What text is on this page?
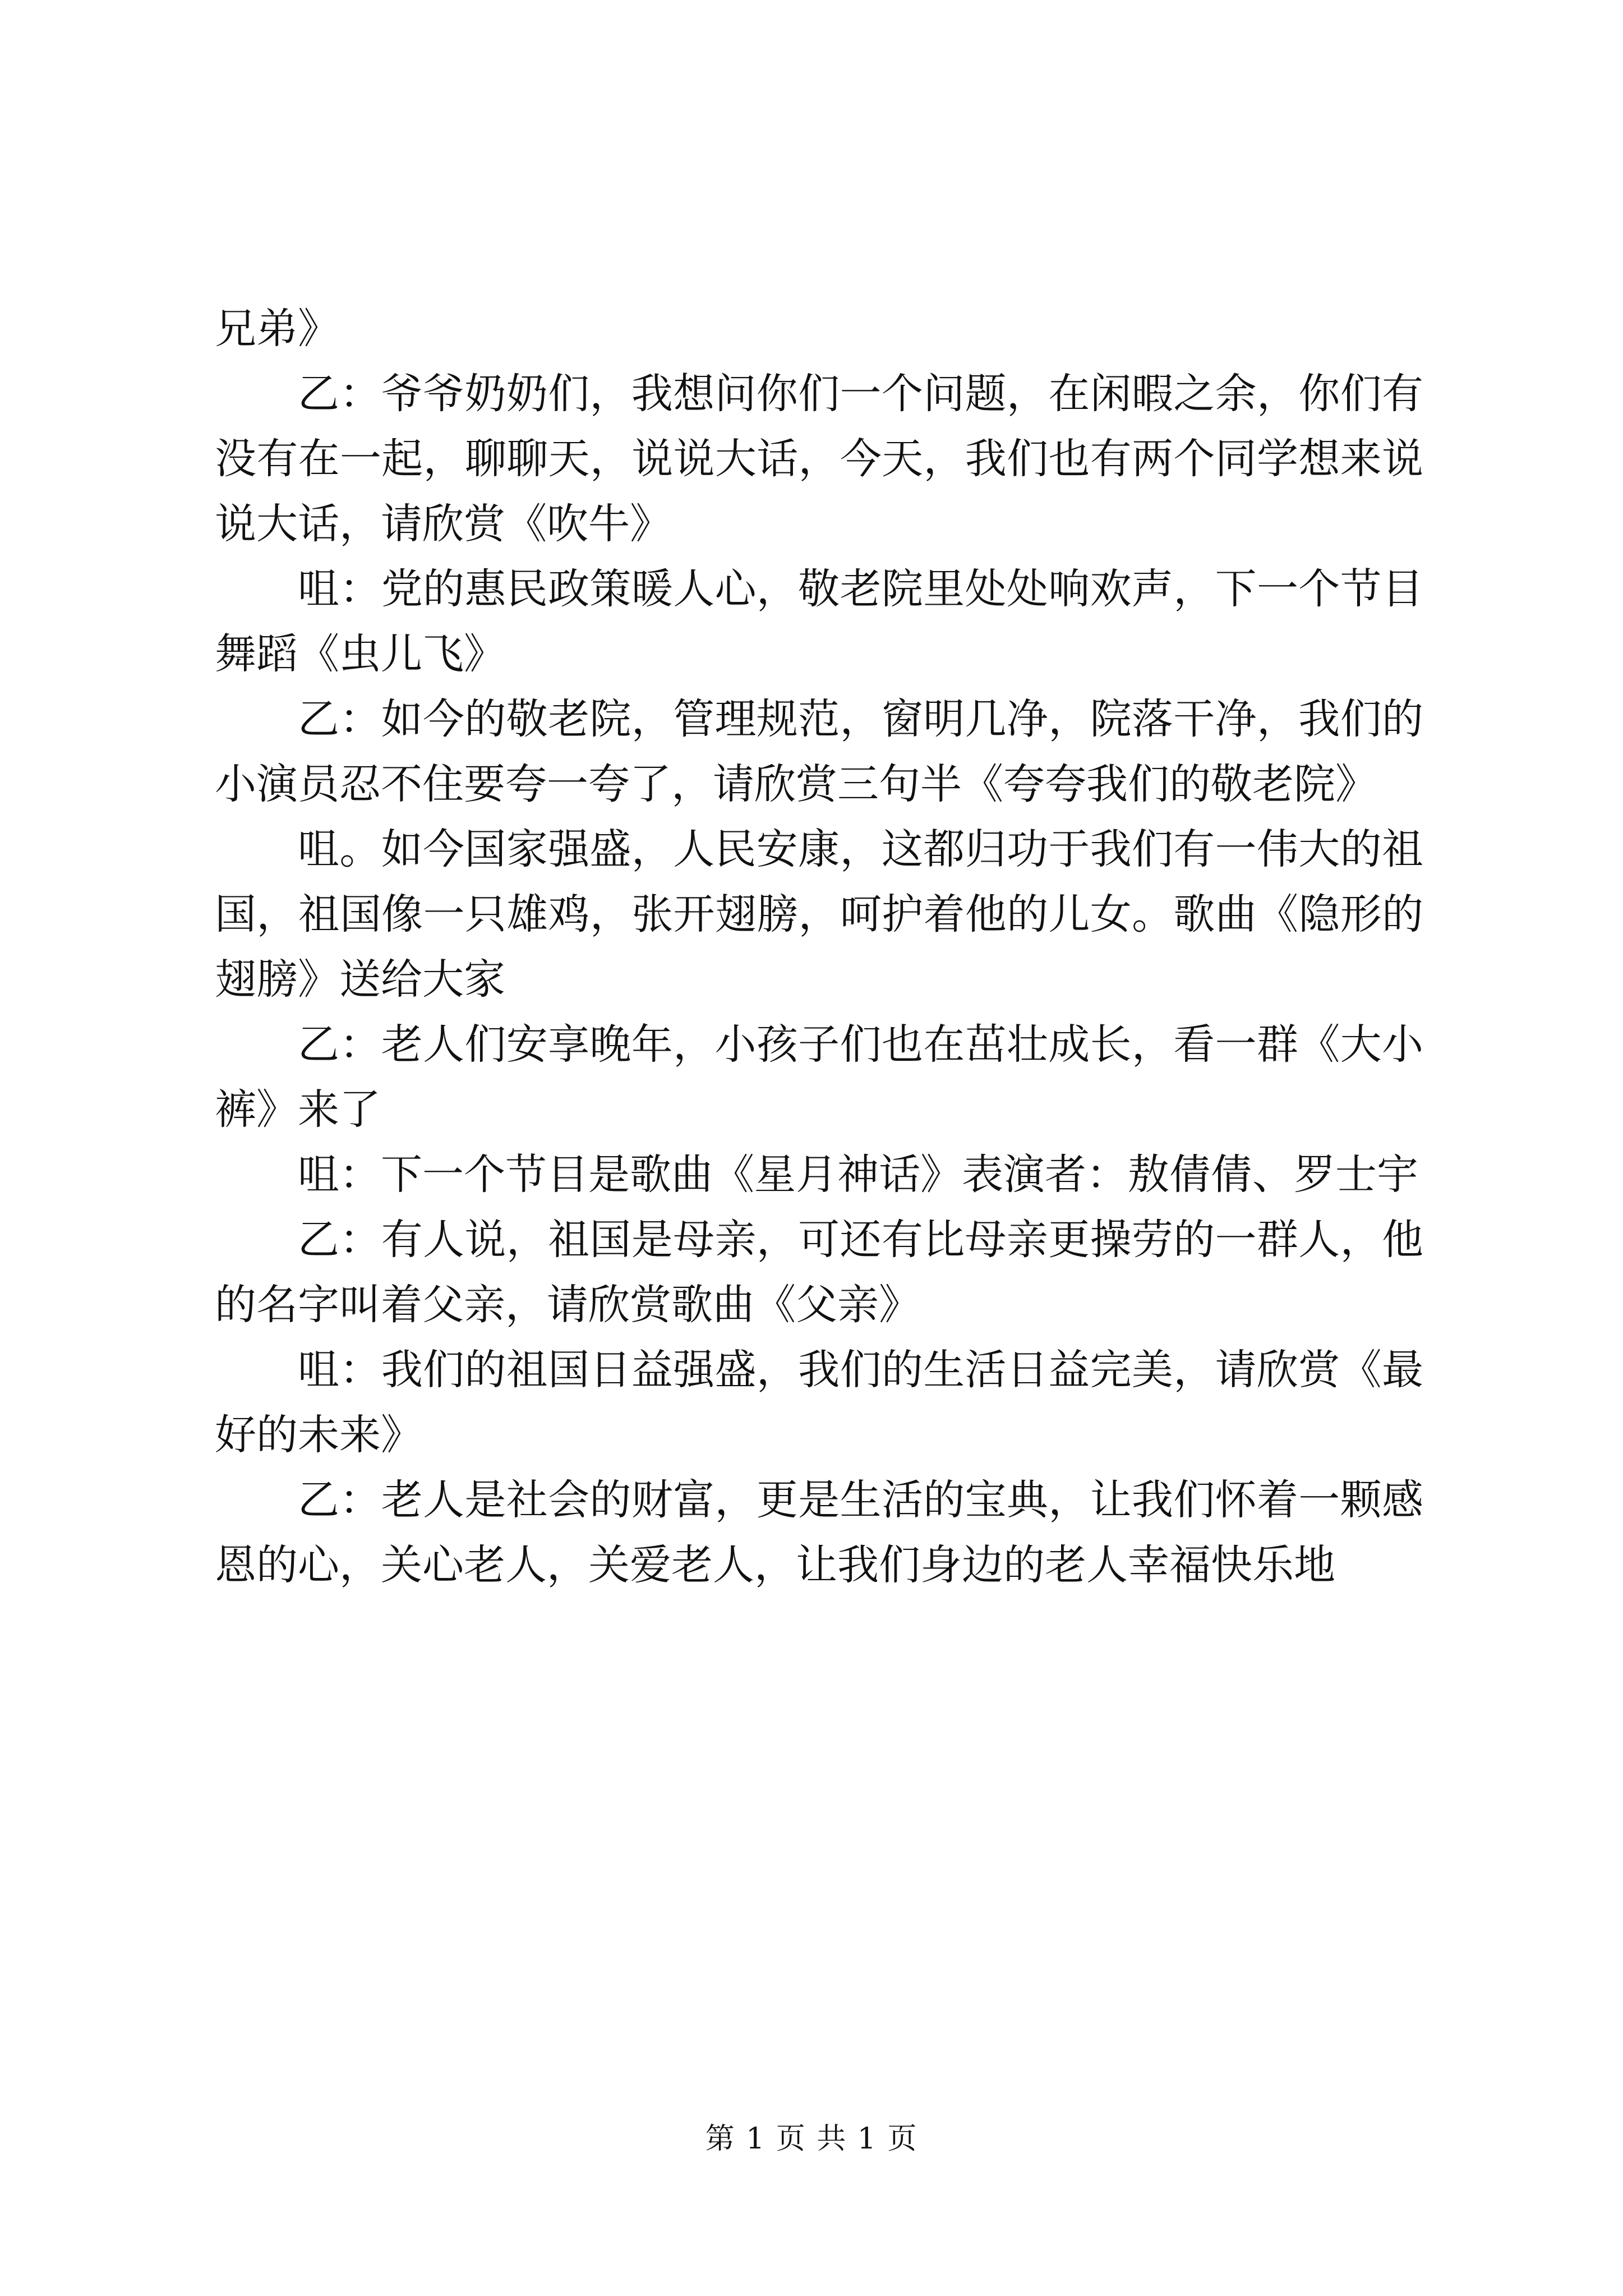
兄弟》

乙：爷爷奶奶们，我想问你们一个问题，在闲暇之余，你们有没有在一起，聊聊天，说说大话，今天，我们也有两个同学想来说说大话，请欣赏《吹牛》

咀：党的惠民政策暖人心，敬老院里处处响欢声，下一个节目舞蹈《虫儿飞》

乙：如今的敬老院，管理规范，窗明几净，院落干净，我们的小演员忍不住要夸一夸了，请欣赏三句半《夸夸我们的敬老院》

咀。如今国家强盛，人民安康，这都归功于我们有一伟大的祖国，祖国像一只雄鸡，张开翅膀，呵护着他的儿女。歌曲《隐形的翅膀》送给大家

乙：老人们安享晚年，小孩子们也在茁壮成长，看一群《大小裤》来了

咀：下一个节目是歌曲《星月神话》表演者：敖倩倩、罗士宇

乙：有人说，祖国是母亲，可还有比母亲更操劳的一群人，他的名字叫着父亲，请欣赏歌曲《父亲》

咀：我们的祖国日益强盛，我们的生活日益完美，请欣赏《最好的未来》

乙：老人是社会的财富，更是生活的宝典，让我们怀着一颗感恩的心，关心老人，关爱老人，让我们身边的老人幸福快乐地

第 1 页 共 1 页
